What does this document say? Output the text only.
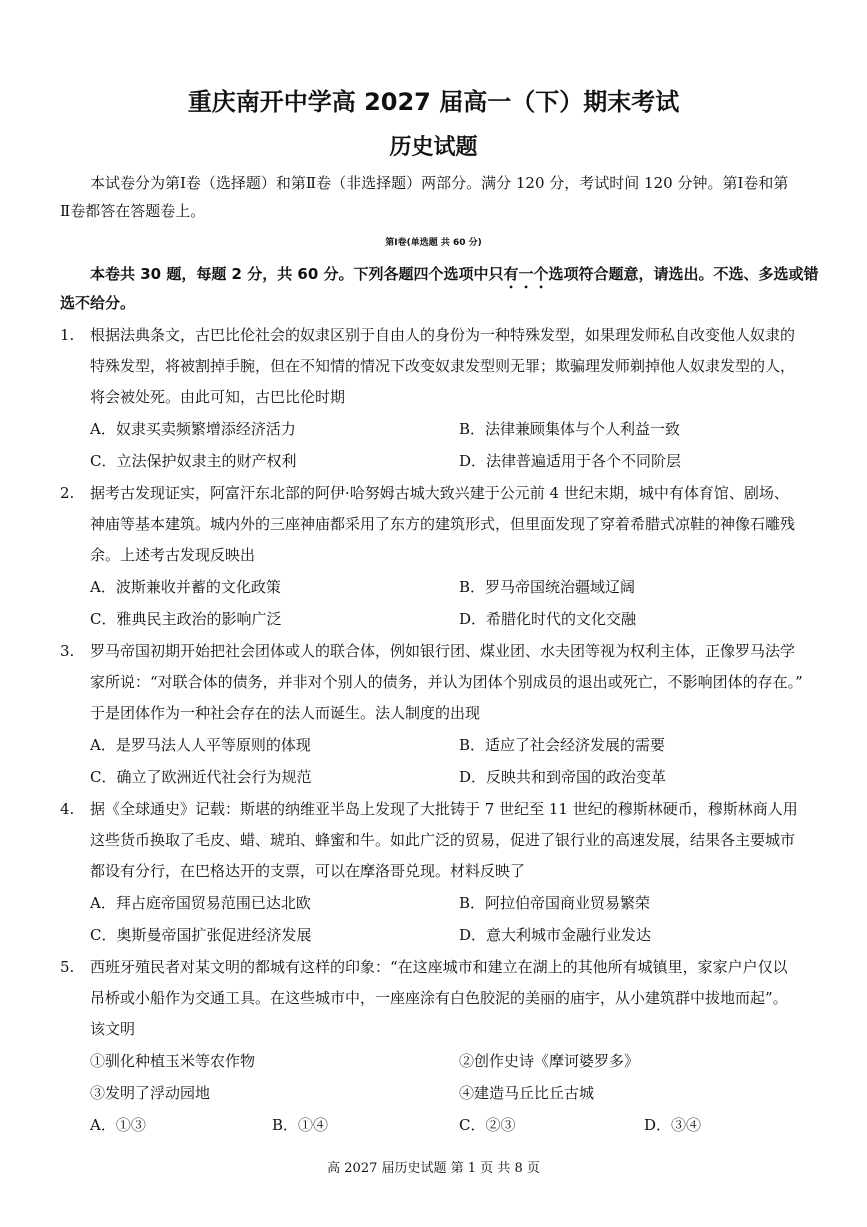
重庆南开中学高 2027 届高一（下）期末考试
历史试题
本试卷分为第Ⅰ卷（选择题）和第Ⅱ卷（非选择题）两部分。满分 120 分，考试时间 120 分钟。第Ⅰ卷和第
Ⅱ卷都答在答题卷上。
第Ⅰ卷(单选题 共 60 分)
本卷共 30 题，每题 2 分，共 60 分。下列各题四个选项中只有一个选项符合题意，请选出。不选、多选或错
选不给分。
1. 根据法典条文，古巴比伦社会的奴隶区别于自由人的身份为一种特殊发型，如果理发师私自改变他人奴隶的
特殊发型，将被割掉手腕，但在不知情的情况下改变奴隶发型则无罪；欺骗理发师剃掉他人奴隶发型的人，
将会被处死。由此可知，古巴比伦时期
A．奴隶买卖频繁增添经济活力	B．法律兼顾集体与个人利益一致
C．立法保护奴隶主的财产权利	D．法律普遍适用于各个不同阶层
2. 据考古发现证实，阿富汗东北部的阿伊·哈努姆古城大致兴建于公元前 4 世纪末期，城中有体育馆、剧场、
神庙等基本建筑。城内外的三座神庙都采用了东方的建筑形式，但里面发现了穿着希腊式凉鞋的神像石雕残
余。上述考古发现反映出
A．波斯兼收并蓄的文化政策	B．罗马帝国统治疆域辽阔
C．雅典民主政治的影响广泛	D．希腊化时代的文化交融
3. 罗马帝国初期开始把社会团体或人的联合体，例如银行团、煤业团、水夫团等视为权利主体，正像罗马法学
家所说：“对联合体的债务，并非对个别人的债务，并认为团体个别成员的退出或死亡，不影响团体的存在。”
于是团体作为一种社会存在的法人而诞生。法人制度的出现
A．是罗马法人人平等原则的体现	B．适应了社会经济发展的需要
C．确立了欧洲近代社会行为规范	D．反映共和到帝国的政治变革
4. 据《全球通史》记载：斯堪的纳维亚半岛上发现了大批铸于 7 世纪至 11 世纪的穆斯林硬币，穆斯林商人用
这些货币换取了毛皮、蜡、琥珀、蜂蜜和牛。如此广泛的贸易，促进了银行业的高速发展，结果各主要城市
都设有分行，在巴格达开的支票，可以在摩洛哥兑现。材料反映了
A．拜占庭帝国贸易范围已达北欧	B．阿拉伯帝国商业贸易繁荣
C．奥斯曼帝国扩张促进经济发展	D．意大利城市金融行业发达
5. 西班牙殖民者对某文明的都城有这样的印象：“在这座城市和建立在湖上的其他所有城镇里，家家户户仅以
吊桥或小船作为交通工具。在这些城市中，一座座涂有白色胶泥的美丽的庙宇，从小建筑群中拔地而起”。
该文明
①驯化种植玉米等农作物	②创作史诗《摩诃婆罗多》
③发明了浮动园地	④建造马丘比丘古城
A．①③	B．①④	C．②③	D．③④
高 2027 届历史试题 第 1 页 共 8 页
